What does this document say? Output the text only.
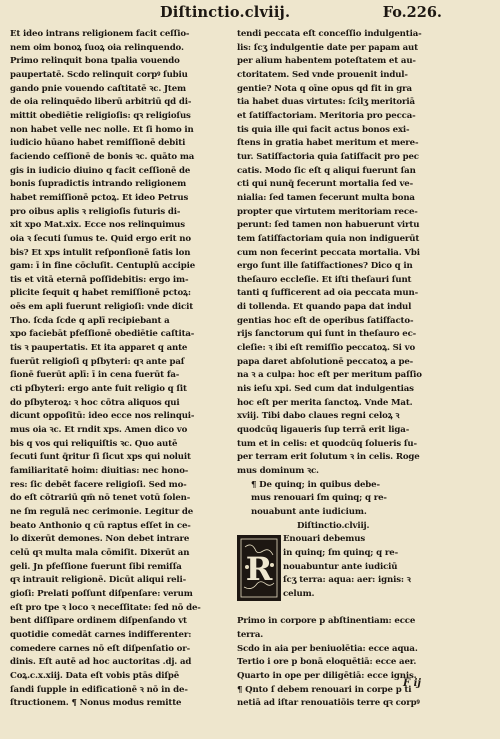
Diſtinctio.clviij.	Fo.226.
Et ideo intrans religionem facit ceſſio-
nem oim bonoꝝ ſuoꝝ oia relinquendo.
Primo relinquit bona tpalia vouendo
paupertatē. Scdo relinquit corpꝰ ſubiu
gando pnie vouendo caſtitatē ꝛc. Jtem
de oia relinquēdo liberū arbitriū qd di-
mittit obediētie religioſis: qꝛ religioſus
non habet velle nec nolle. Et ſi homo in
iudicio hūano habet remiſſionē debiti
faciendo ceſſionē de bonis ꝛc. quāto ma
gis in iudicio diuino q facit ceſſionē de
bonis ſupradictis intrando religionem
habet remiſſionē pctoꝝ. Et ideo Petrus
pro oibus aplis ꝛ religioſis futuris di-
xit xpo Mat.xix. Ecce nos relinquimus
oia ꝛ ſecuti ſumus te. Quid ergo erit no
bis? Et xps intulit reſponſionē ſatis lon
gam: ī in fine cōcluſit. Centuplū accipie
tis et vitā eternā poſſidebitis: ergo im-
plicite ſequit q habet remiſſionē pctoꝝ:
oēs em apli fuerunt religioſi: vnde dicit
Tho. ſcda ſcde q aplī recipiebant a
xpo faciebāt pfeſſionē obediētie caſtita-
tis ꝛ paupertatis. Et ita apparet q ante
fuerūt religioſi q pſbyteri: qꝛ ante paſ
ſionē fuerūt aplī: ī in cena fuerūt fa-
cti pſbyteri: ergo ante fuit religio q ſit
do pſbyteroꝝ: ꝛ hoc cōtra aliquos qui
dicunt oppoſitū: ideo ecce nos relinqui-
mus oia ꝛc. Et rndit xps. Amen dico vo
bis q vos qui reliquiſtis ꝛc. Quo autē
ſecuti ſunt q̄ritur ſi ſicut xps qui noluit
familiaritatē hoim: diuitias: nec hono-
res: ſic debēt facere religioſi. Sed mo-
do eſt cōtrariū qm̄ nō tenet votū ſolen-
ne ſm regulā nec cerimonie. Legitur de
beato Anthonio q cū raptus eſſet in ce-
lo dixerūt demones. Non debet intrare
celū qꝛ multa mala cōmiſit. Dixerūt an
geli. Jn pfeſſione fuerunt ſibi remiſſa
qꝛ intrauit religionē. Dicūt aliqui reli-
gioſi: Prelati poſſunt diſpenſare: verum
eſt pro tpe ꝛ loco ꝛ neceſſitate: ſed nō de-
bent diſſipare ordinem diſpenſando vt
quotidie comedāt carnes indifferenter:
comedere carnes nō eſt diſpenſatio or-
dinis. Eſt autē ad hoc auctoritas .dj. ad
Coꝝ.c.x.xiij. Data eſt vobis ptās diſpē
ſandi ſupple in edificationē ꝛ nō in de-
ſtructionem. ¶ Nonus modus remitte
tendi peccata eſt conceſſio indulgentia-
lis: ſcʒ indulgentie date per papam aut
per alium habentem poteſtatem et au-
ctoritatem. Sed vnde prouenit indul-
gentie? Nota q oīne opus qd fit in gra
tia habet duas virtutes: ſcilʒ meritoriā
et ſatiſfactoriam. Meritoria pro pecca-
tis quia ille qui facit actus bonos exi-
ſtens in gratia habet meritum et mere-
tur. Satiſfactoria quia ſatiſfacit pro pec
catis. Modo ſic eſt q aliqui fuerunt ſan
cti qui nunq̄ fecerunt mortalia ſed ve-
nialia: ſed tamen fecerunt multa bona
propter que virtutem meritoriam rece-
perunt: ſed tamen non habuerunt virtu
tem ſatiſfactoriam quia non indiguerūt
cum non fecerint peccata mortalia. Vbi
ergo ſunt ille ſatiſfactiones? Dico q in
theſauro eccleſie. Et iſti theſauri ſunt
tanti q ſufficerent ad oia peccata mun-
di tollenda. Et quando papa dat indul
gentias hoc eſt de operibus ſatiſfacto-
rijs ſanctorum qui ſunt in theſauro ec-
cleſie: ꝛ ibi eſt remiſſio peccatoꝝ. Si vo
papa daret abſolutionē peccatoꝝ a pe-
na ꝛ a culpa: hoc eſt per meritum paſſio
nis ieſu xpi. Sed cum dat indulgentias
hoc eſt per merita ſanctoꝝ. Vnde Mat.
xviij. Tibi dabo claues regni celoꝝ ꝛ
quodcūq ligaueris ſup terrā erit liga-
tum et in celis: et quodcūq ſolueris ſu-
per terram erit ſolutum ꝛ in celis. Roge
mus dominum ꝛc.
¶ De quinq; in quibus debe-
mus renouari ſm quinq; q re-
nouabunt ante iudicium.
Diſtinctio.clviij.
R
Enouari debemus
in quinq; ſm quinq; q re-
nouabuntur ante iudiciū
ſcʒ terra: aqua: aer: ignis: ꝛ
celum.
Primo in corpore p abſtinentiam: ecce
terra.
Scdo in aia per beniuolētia: ecce aqua.
Tertio i ore p bonā eloquētiā: ecce aer.
Quarto in ope per diligētiā: ecce ignis.
¶ Qnto ſ debem renouari in corpe p ti
netiā ad iſtar renouatiōis terre qꝛ corpꝰ
F ij
